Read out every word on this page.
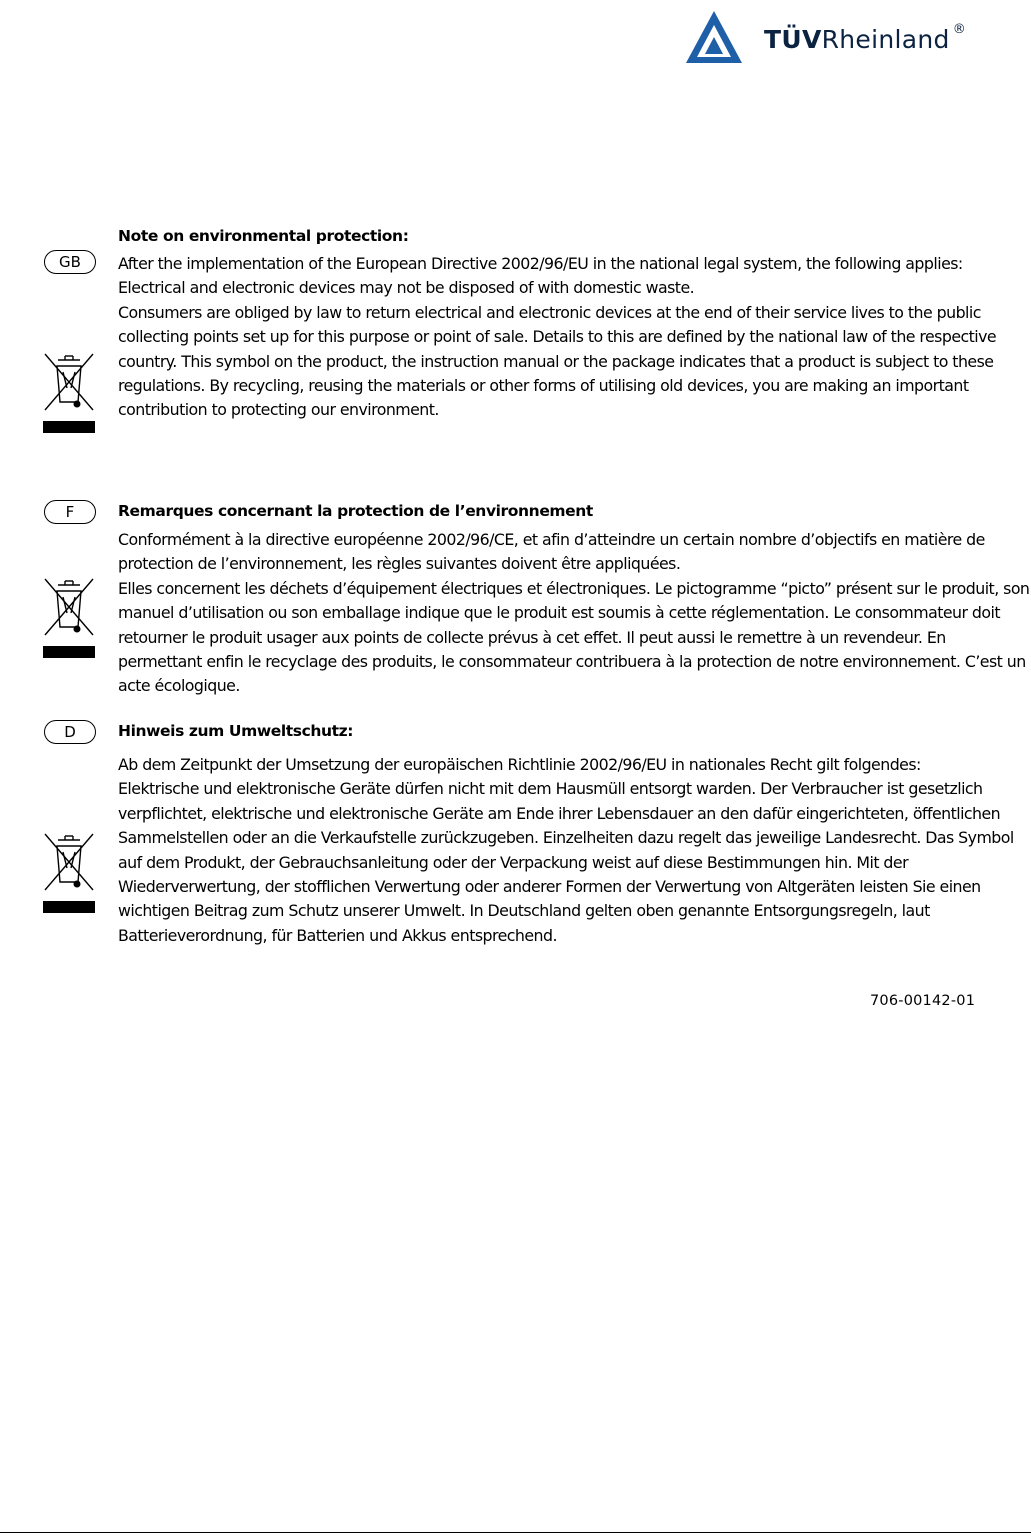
TÜVRheinland ®
GB
Note on environmental protection:

After the implementation of the European Directive 2002/96/EU in the national legal system, the following applies:

Electrical and electronic devices may not be disposed of with domestic waste.

Consumers are obliged by law to return electrical and electronic devices at the end of their service lives to the public collecting points set up for this purpose or point of sale. Details to this are defined by the national law of the respective country. This symbol on the product, the instruction manual or the package indicates that a product is subject to these regulations. By recycling, reusing the materials or other forms of utilising old devices, you are making an important contribution to protecting our environment.

F	Remarques concernant la protection de l’environnement

Conformément à la directive européenne 2002/96/CE, et afin d’atteindre un certain nombre d’objectifs en matière de protection de l’environnement, les règles suivantes doivent être appliquées.

Elles concernent les déchets d’équipement électriques et électroniques. Le pictogramme “picto” présent sur le produit, son manuel d’utilisation ou son emballage indique que le produit est soumis à cette réglementation. Le consommateur doit retourner le produit usager aux points de collecte prévus à cet effet. Il peut aussi le remettre à un revendeur. En permettant enfin le recyclage des produits, le consommateur contribuera à la protection de notre environnement. C’est un acte écologique.

D	Hinweis zum Umweltschutz:

Ab dem Zeitpunkt der Umsetzung der europäischen Richtlinie 2002/96/EU in nationales Recht gilt folgendes:

Elektrische und elektronische Geräte dürfen nicht mit dem Hausmüll entsorgt warden. Der Verbraucher ist gesetzlich verpflichtet, elektrische und elektronische Geräte am Ende ihrer Lebensdauer an den dafür eingerichteten, öffentlichen Sammelstellen oder an die Verkaufstelle zurückzugeben. Einzelheiten dazu regelt das jeweilige Landesrecht. Das Symbol auf dem Produkt, der Gebrauchsanleitung oder der Verpackung weist auf diese Bestimmungen hin. Mit der Wiederverwertung, der stofflichen Verwertung oder anderer Formen der Verwertung von Altgeräten leisten Sie einen wichtigen Beitrag zum Schutz unserer Umwelt. In Deutschland gelten oben genannte Entsorgungsregeln, laut Batterieverordnung, für Batterien und Akkus entsprechend.

706-00142-01
